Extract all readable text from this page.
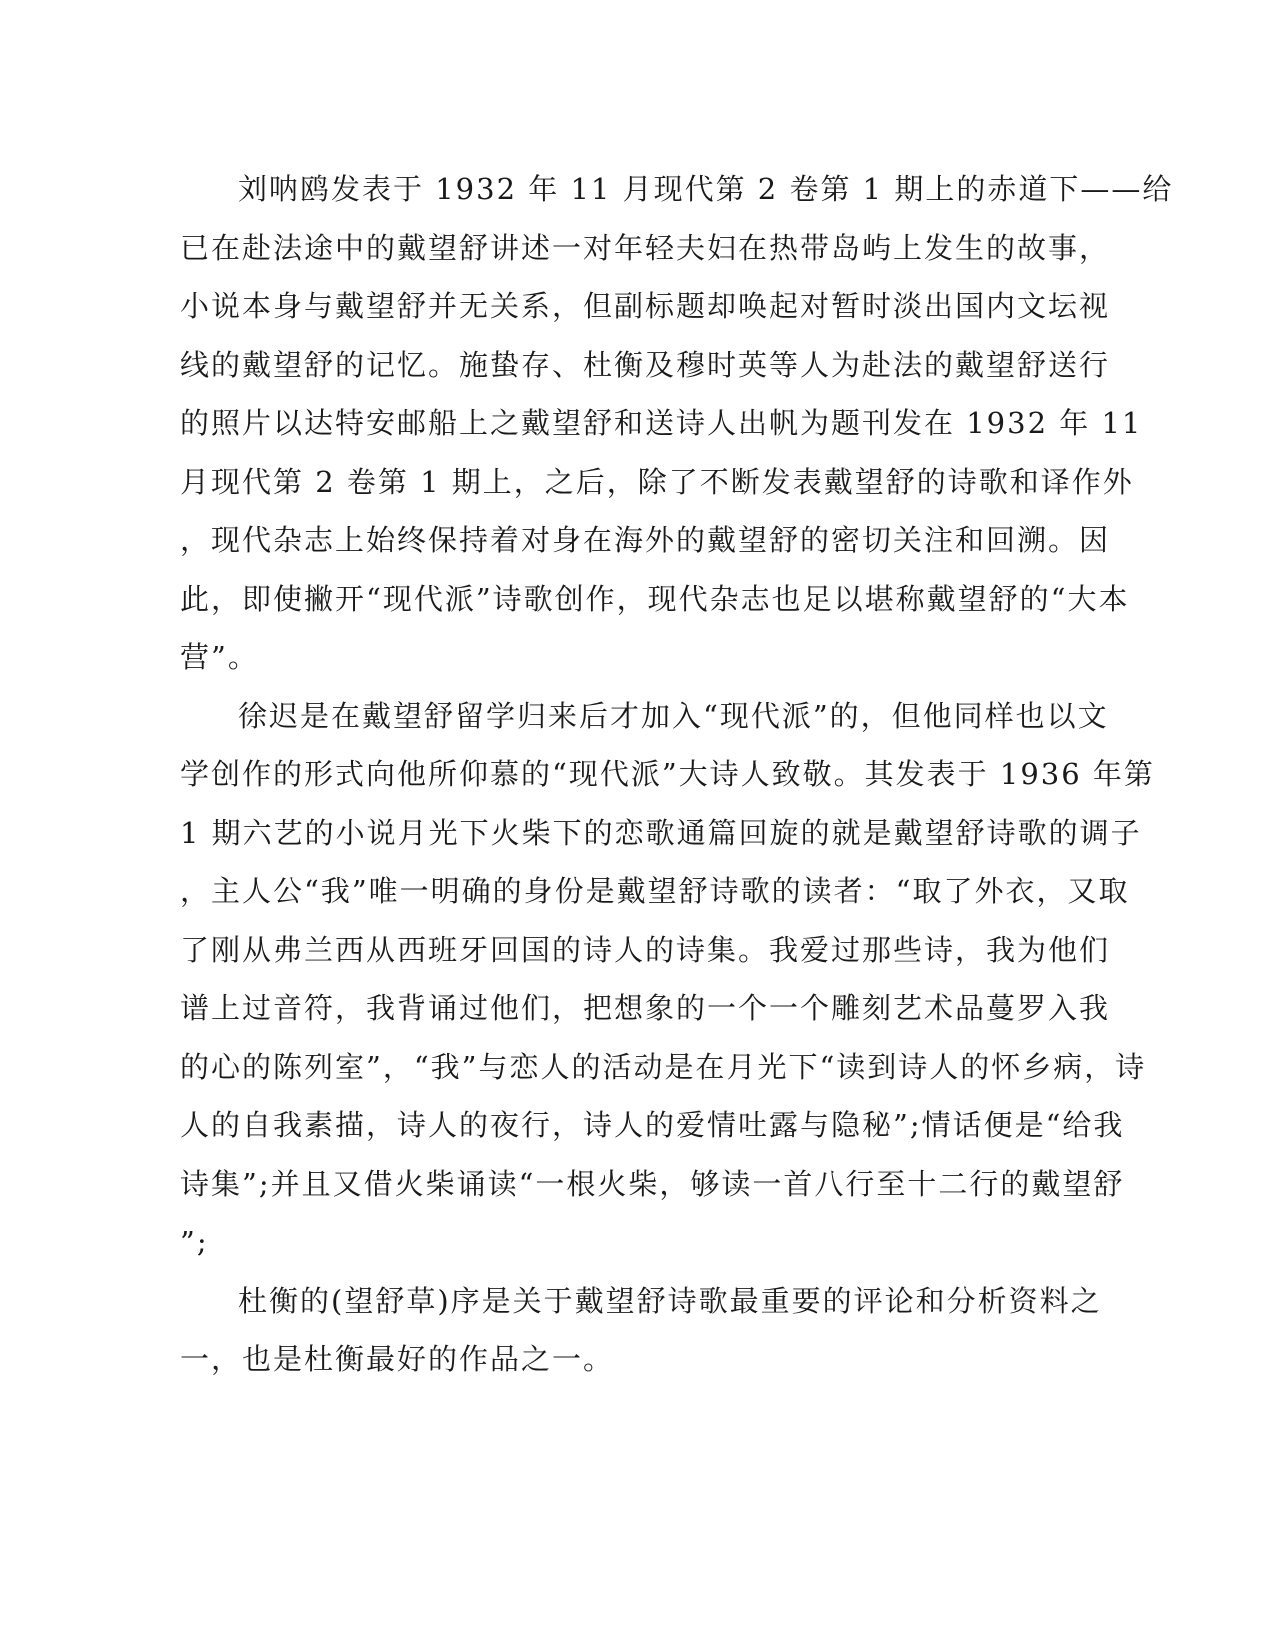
刘呐鸥发表于 1932 年 11 月现代第 2 卷第 1 期上的赤道下——给
已在赴法途中的戴望舒讲述一对年轻夫妇在热带岛屿上发生的故事，
小说本身与戴望舒并无关系，但副标题却唤起对暂时淡出国内文坛视
线的戴望舒的记忆。施蛰存、杜衡及穆时英等人为赴法的戴望舒送行
的照片以达特安邮船上之戴望舒和送诗人出帆为题刊发在 1932 年 11
月现代第 2 卷第 1 期上，之后，除了不断发表戴望舒的诗歌和译作外
，现代杂志上始终保持着对身在海外的戴望舒的密切关注和回溯。因
此，即使撇开“现代派”诗歌创作，现代杂志也足以堪称戴望舒的“大本
营”。

徐迟是在戴望舒留学归来后才加入“现代派”的，但他同样也以文
学创作的形式向他所仰慕的“现代派”大诗人致敬。其发表于 1936 年第
1 期六艺的小说月光下火柴下的恋歌通篇回旋的就是戴望舒诗歌的调子
，主人公“我”唯一明确的身份是戴望舒诗歌的读者：“取了外衣，又取
了刚从弗兰西从西班牙回国的诗人的诗集。我爱过那些诗，我为他们
谱上过音符，我背诵过他们，把想象的一个一个雕刻艺术品蔓罗入我
的心的陈列室”，“我”与恋人的活动是在月光下“读到诗人的怀乡病，诗
人的自我素描，诗人的夜行，诗人的爱情吐露与隐秘”;情话便是“给我
诗集”;并且又借火柴诵读“一根火柴，够读一首八行至十二行的戴望舒
”;

杜衡的(望舒草)序是关于戴望舒诗歌最重要的评论和分析资料之
一，也是杜衡最好的作品之一。
